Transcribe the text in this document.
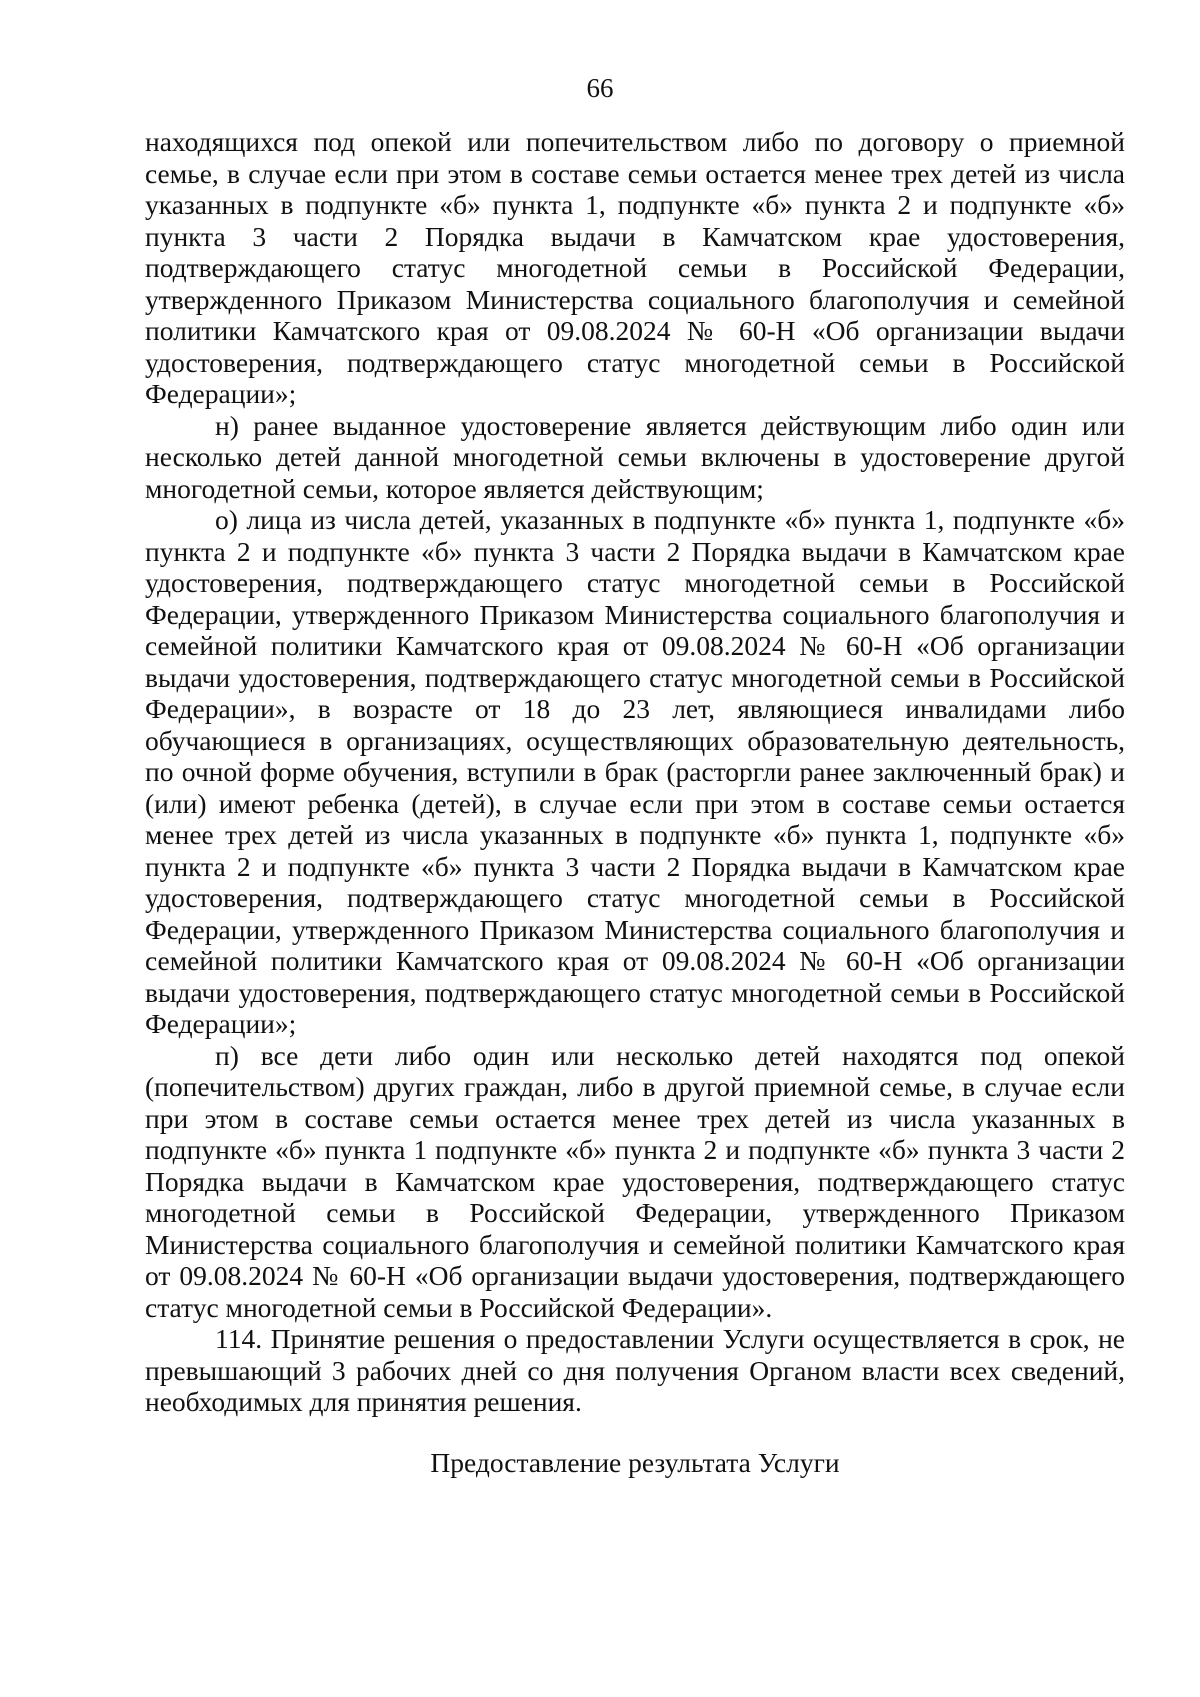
66

находящихся под опекой или попечительством либо по договору о приемной семье, в случае если при этом в составе семьи остается менее трех детей из числа указанных в подпункте «б» пункта 1, подпункте «б» пункта 2 и подпункте «б» пункта 3 части 2 Порядка выдачи в Камчатском крае удостоверения, подтверждающего статус многодетной семьи в Российской Федерации, утвержденного Приказом Министерства социального благополучия и семейной политики Камчатского края от 09.08.2024 № 60-Н «Об организации выдачи удостоверения, подтверждающего статус многодетной семьи в Российской Федерации»;

н) ранее выданное удостоверение является действующим либо один или несколько детей данной многодетной семьи включены в удостоверение другой многодетной семьи, которое является действующим;

о) лица из числа детей, указанных в подпункте «б» пункта 1, подпункте «б» пункта 2 и подпункте «б» пункта 3 части 2 Порядка выдачи в Камчатском крае удостоверения, подтверждающего статус многодетной семьи в Российской Федерации, утвержденного Приказом Министерства социального благополучия и семейной политики Камчатского края от 09.08.2024 № 60-Н «Об организации выдачи удостоверения, подтверждающего статус многодетной семьи в Российской Федерации», в возрасте от 18 до 23 лет, являющиеся инвалидами либо обучающиеся в организациях, осуществляющих образовательную деятельность, по очной форме обучения, вступили в брак (расторгли ранее заключенный брак) и (или) имеют ребенка (детей), в случае если при этом в составе семьи остается менее трех детей из числа указанных в подпункте «б» пункта 1, подпункте «б» пункта 2 и подпункте «б» пункта 3 части 2 Порядка выдачи в Камчатском крае удостоверения, подтверждающего статус многодетной семьи в Российской Федерации, утвержденного Приказом Министерства социального благополучия и семейной политики Камчатского края от 09.08.2024 № 60-Н «Об организации выдачи удостоверения, подтверждающего статус многодетной семьи в Российской Федерации»;

п) все дети либо один или несколько детей находятся под опекой (попечительством) других граждан, либо в другой приемной семье, в случае если при этом в составе семьи остается менее трех детей из числа указанных в подпункте «б» пункта 1 подпункте «б» пункта 2 и подпункте «б» пункта 3 части 2 Порядка выдачи в Камчатском крае удостоверения, подтверждающего статус многодетной семьи в Российской Федерации, утвержденного Приказом Министерства социального благополучия и семейной политики Камчатского края от 09.08.2024 № 60-Н «Об организации выдачи удостоверения, подтверждающего статус многодетной семьи в Российской Федерации».

114. Принятие решения о предоставлении Услуги осуществляется в срок, не превышающий 3 рабочих дней со дня получения Органом власти всех сведений, необходимых для принятия решения.

Предоставление результата Услуги
